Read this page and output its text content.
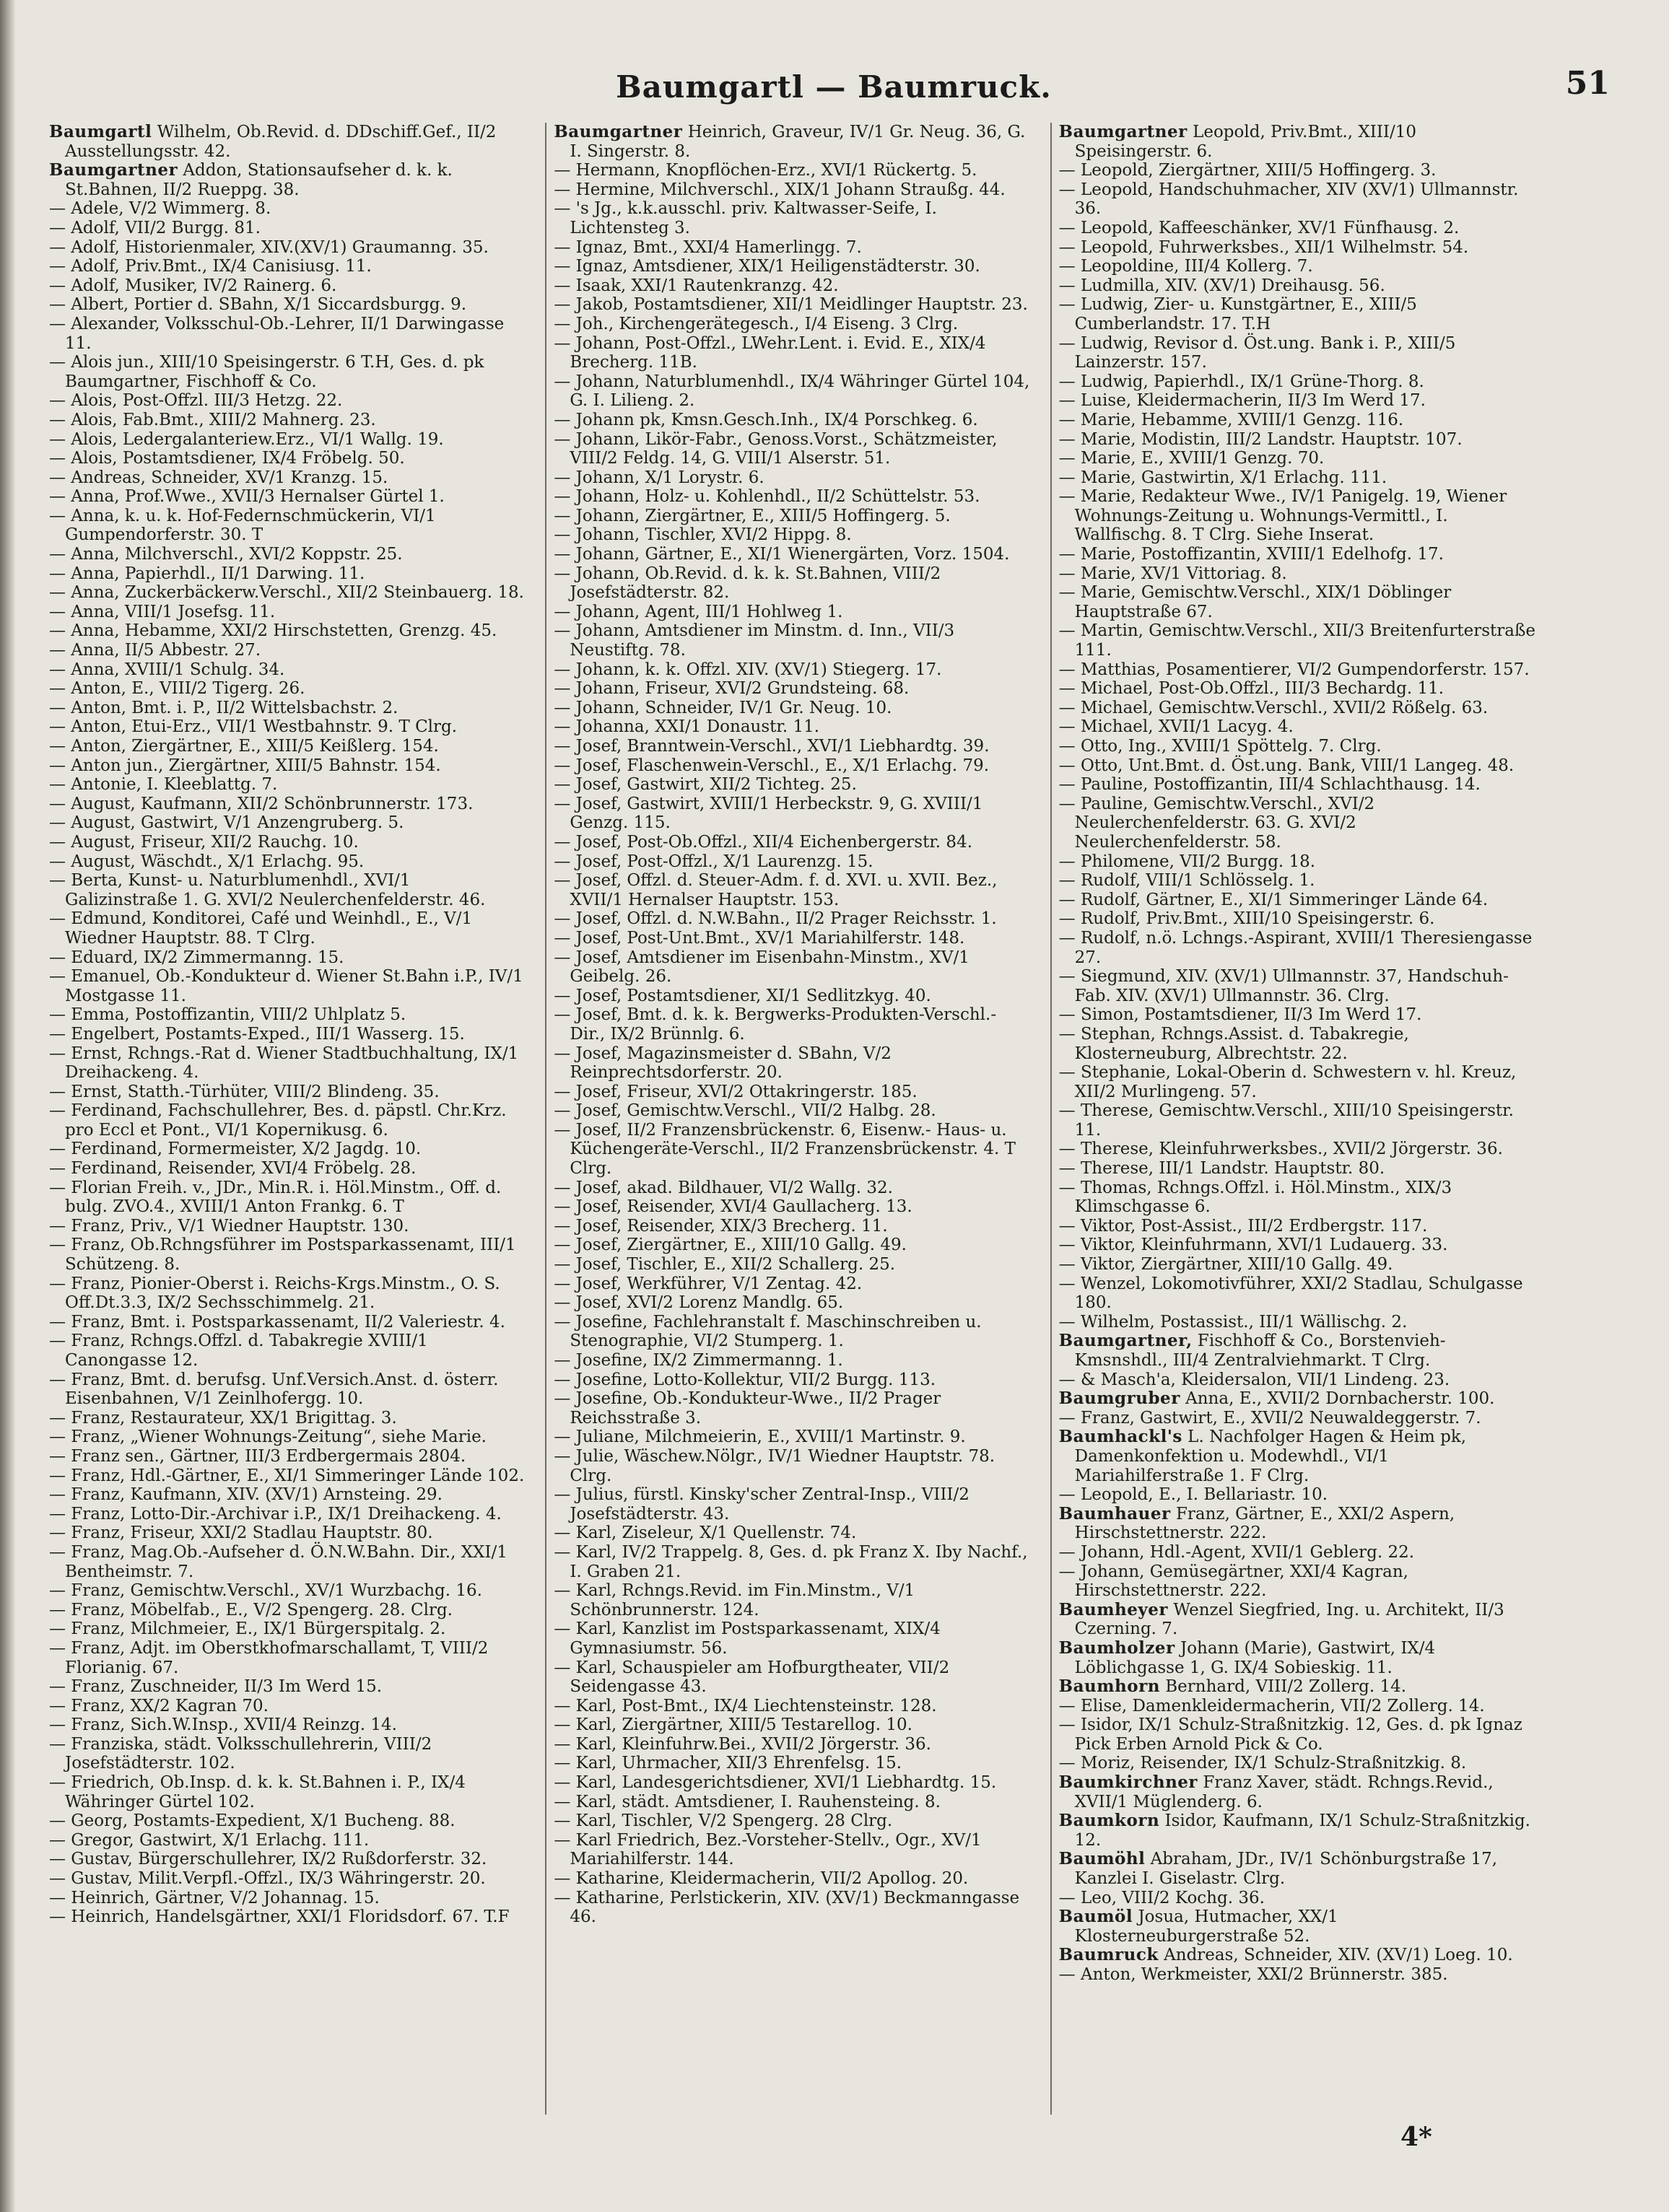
Baumgartl — Baumruck.	51

Baumgartl Wilhelm, Ob.Revid. d. DDschiff.Gef., II/2 Ausstellungsstr. 42.

Baumgartner Addon, Stationsaufseher d. k. k. St.Bahnen, II/2 Rueppg. 38.

— Adele, V/2 Wimmerg. 8.

— Adolf, VII/2 Burgg. 81.

— Adolf, Historienmaler, XIV.(XV/1) Graumanng. 35.

— Adolf, Priv.Bmt., IX/4 Canisiusg. 11.

— Adolf, Musiker, IV/2 Rainerg. 6.

— Albert, Portier d. SBahn, X/1 Siccardsburgg. 9.

— Alexander, Volksschul-Ob.-Lehrer, II/1 Darwingasse 11.

— Alois jun., XIII/10 Speisingerstr. 6 T.H, Ges. d. pk Baumgartner, Fischhoff & Co.

— Alois, Post-Offzl. III/3 Hetzg. 22.

— Alois, Fab.Bmt., XIII/2 Mahnerg. 23.

— Alois, Ledergalanteriew.Erz., VI/1 Wallg. 19.

— Alois, Postamtsdiener, IX/4 Fröbelg. 50.

— Andreas, Schneider, XV/1 Kranzg. 15.

— Anna, Prof.Wwe., XVII/3 Hernalser Gürtel 1.

— Anna, k. u. k. Hof-Federnschmückerin, VI/1 Gumpendorferstr. 30. T

— Anna, Milchverschl., XVI/2 Koppstr. 25.

— Anna, Papierhdl., II/1 Darwing. 11.

— Anna, Zuckerbäckerw.Verschl., XII/2 Steinbauerg. 18.

— Anna, VIII/1 Josefsg. 11.

— Anna, Hebamme, XXI/2 Hirschstetten, Grenzg. 45.

— Anna, II/5 Abbestr. 27.

— Anna, XVIII/1 Schulg. 34.

— Anton, E., VIII/2 Tigerg. 26.

— Anton, Bmt. i. P., II/2 Wittelsbachstr. 2.

— Anton, Etui-Erz., VII/1 Westbahnstr. 9. T Clrg.

— Anton, Ziergärtner, E., XIII/5 Keißlerg. 154.

— Anton jun., Ziergärtner, XIII/5 Bahnstr. 154.

— Antonie, I. Kleeblattg. 7.

— August, Kaufmann, XII/2 Schönbrunnerstr. 173.

— August, Gastwirt, V/1 Anzengruberg. 5.

— August, Friseur, XII/2 Rauchg. 10.

— August, Wäschdt., X/1 Erlachg. 95.

— Berta, Kunst- u. Naturblumenhdl., XVI/1 Galizinstraße 1. G. XVI/2 Neulerchenfelderstr. 46.

— Edmund, Konditorei, Café und Weinhdl., E., V/1 Wiedner Hauptstr. 88. T Clrg.

— Eduard, IX/2 Zimmermanng. 15.

— Emanuel, Ob.-Kondukteur d. Wiener St.Bahn i.P., IV/1 Mostgasse 11.

— Emma, Postoffizantin, VIII/2 Uhlplatz 5.

— Engelbert, Postamts-Exped., III/1 Wasserg. 15.

— Ernst, Rchngs.-Rat d. Wiener Stadtbuchhaltung, IX/1 Dreihackeng. 4.

— Ernst, Statth.-Türhüter, VIII/2 Blindeng. 35.

— Ferdinand, Fachschullehrer, Bes. d. päpstl. Chr.Krz. pro Eccl et Pont., VI/1 Kopernikusg. 6.

— Ferdinand, Formermeister, X/2 Jagdg. 10.

— Ferdinand, Reisender, XVI/4 Fröbelg. 28.

— Florian Freih. v., JDr., Min.R. i. Höl.Minstm., Off. d. bulg. ZVO.4., XVIII/1 Anton Frankg. 6. T

— Franz, Priv., V/1 Wiedner Hauptstr. 130.

— Franz, Ob.Rchngsführer im Postsparkassenamt, III/1 Schützeng. 8.

— Franz, Pionier-Oberst i. Reichs-Krgs.Minstm., O. S. Off.Dt.3.3, IX/2 Sechsschimmelg. 21.

— Franz, Bmt. i. Postsparkassenamt, II/2 Valeriestr. 4.

— Franz, Rchngs.Offzl. d. Tabakregie XVIII/1 Canongasse 12.

— Franz, Bmt. d. berufsg. Unf.Versich.Anst. d. österr. Eisenbahnen, V/1 Zeinlhofergg. 10.

— Franz, Restaurateur, XX/1 Brigittag. 3.

— Franz, „Wiener Wohnungs-Zeitung“, siehe Marie.

— Franz sen., Gärtner, III/3 Erdbergermais 2804.

— Franz, Hdl.-Gärtner, E., XI/1 Simmeringer Lände 102.

— Franz, Kaufmann, XIV. (XV/1) Arnsteing. 29.

— Franz, Lotto-Dir.-Archivar i.P., IX/1 Dreihackeng. 4.

— Franz, Friseur, XXI/2 Stadlau Hauptstr. 80.

— Franz, Mag.Ob.-Aufseher d. Ö.N.W.Bahn. Dir., XXI/1 Bentheimstr. 7.

— Franz, Gemischtw.Verschl., XV/1 Wurzbachg. 16.

— Franz, Möbelfab., E., V/2 Spengerg. 28. Clrg.

— Franz, Milchmeier, E., IX/1 Bürgerspitalg. 2.

— Franz, Adjt. im Oberstkhofmarschallamt, T, VIII/2 Florianig. 67.

— Franz, Zuschneider, II/3 Im Werd 15.

— Franz, XX/2 Kagran 70.

— Franz, Sich.W.Insp., XVII/4 Reinzg. 14.

— Franziska, städt. Volksschullehrerin, VIII/2 Josefstädterstr. 102.

— Friedrich, Ob.Insp. d. k. k. St.Bahnen i. P., IX/4 Währinger Gürtel 102.

— Georg, Postamts-Expedient, X/1 Bucheng. 88.

— Gregor, Gastwirt, X/1 Erlachg. 111.

— Gustav, Bürgerschullehrer, IX/2 Rußdorferstr. 32.

— Gustav, Milit.Verpfl.-Offzl., IX/3 Währingerstr. 20.

— Heinrich, Gärtner, V/2 Johannag. 15.

— Heinrich, Handelsgärtner, XXI/1 Floridsdorf. 67. T.F

Baumgartner Heinrich, Graveur, IV/1 Gr. Neug. 36, G. I. Singerstr. 8.

— Hermann, Knopflöchen-Erz., XVI/1 Rückertg. 5.

— Hermine, Milchverschl., XIX/1 Johann Straußg. 44.

— 's Jg., k.k.ausschl. priv. Kaltwasser-Seife, I. Lichtensteg 3.

— Ignaz, Bmt., XXI/4 Hamerlingg. 7.

— Ignaz, Amtsdiener, XIX/1 Heiligenstädterstr. 30.

— Isaak, XXI/1 Rautenkranzg. 42.

— Jakob, Postamtsdiener, XII/1 Meidlinger Hauptstr. 23.

— Joh., Kirchengerätegesch., I/4 Eiseng. 3 Clrg.

— Johann, Post-Offzl., LWehr.Lent. i. Evid. E., XIX/4 Brecherg. 11B.

— Johann, Naturblumenhdl., IX/4 Währinger Gürtel 104, G. I. Lilieng. 2.

— Johann pk, Kmsn.Gesch.Inh., IX/4 Porschkeg. 6.

— Johann, Likör-Fabr., Genoss.Vorst., Schätzmeister, VIII/2 Feldg. 14, G. VIII/1 Alserstr. 51.

— Johann, X/1 Lorystr. 6.

— Johann, Holz- u. Kohlenhdl., II/2 Schüttelstr. 53.

— Johann, Ziergärtner, E., XIII/5 Hoffingerg. 5.

— Johann, Tischler, XVI/2 Hippg. 8.

— Johann, Gärtner, E., XI/1 Wienergärten, Vorz. 1504.

— Johann, Ob.Revid. d. k. k. St.Bahnen, VIII/2 Josefstädterstr. 82.

— Johann, Agent, III/1 Hohlweg 1.

— Johann, Amtsdiener im Minstm. d. Inn., VII/3 Neustiftg. 78.

— Johann, k. k. Offzl. XIV. (XV/1) Stiegerg. 17.

— Johann, Friseur, XVI/2 Grundsteing. 68.

— Johann, Schneider, IV/1 Gr. Neug. 10.

— Johanna, XXI/1 Donaustr. 11.

— Josef, Branntwein-Verschl., XVI/1 Liebhardtg. 39.

— Josef, Flaschenwein-Verschl., E., X/1 Erlachg. 79.

— Josef, Gastwirt, XII/2 Tichteg. 25.

— Josef, Gastwirt, XVIII/1 Herbeckstr. 9, G. XVIII/1 Genzg. 115.

— Josef, Post-Ob.Offzl., XII/4 Eichenbergerstr. 84.

— Josef, Post-Offzl., X/1 Laurenzg. 15.

— Josef, Offzl. d. Steuer-Adm. f. d. XVI. u. XVII. Bez., XVII/1 Hernalser Hauptstr. 153.

— Josef, Offzl. d. N.W.Bahn., II/2 Prager Reichsstr. 1.

— Josef, Post-Unt.Bmt., XV/1 Mariahilferstr. 148.

— Josef, Amtsdiener im Eisenbahn-Minstm., XV/1 Geibelg. 26.

— Josef, Postamtsdiener, XI/1 Sedlitzkyg. 40.

— Josef, Bmt. d. k. k. Bergwerks-Produkten-Verschl.-Dir., IX/2 Brünnlg. 6.

— Josef, Magazinsmeister d. SBahn, V/2 Reinprechtsdorferstr. 20.

— Josef, Friseur, XVI/2 Ottakringerstr. 185.

— Josef, Gemischtw.Verschl., VII/2 Halbg. 28.

— Josef, II/2 Franzensbrückenstr. 6, Eisenw.- Haus- u. Küchengeräte-Verschl., II/2 Franzensbrückenstr. 4. T Clrg.

— Josef, akad. Bildhauer, VI/2 Wallg. 32.

— Josef, Reisender, XVI/4 Gaullacherg. 13.

— Josef, Reisender, XIX/3 Brecherg. 11.

— Josef, Ziergärtner, E., XIII/10 Gallg. 49.

— Josef, Tischler, E., XII/2 Schallerg. 25.

— Josef, Werkführer, V/1 Zentag. 42.

— Josef, XVI/2 Lorenz Mandlg. 65.

— Josefine, Fachlehranstalt f. Maschinschreiben u. Stenographie, VI/2 Stumperg. 1.

— Josefine, IX/2 Zimmermanng. 1.

— Josefine, Lotto-Kollektur, VII/2 Burgg. 113.

— Josefine, Ob.-Kondukteur-Wwe., II/2 Prager Reichsstraße 3.

— Juliane, Milchmeierin, E., XVIII/1 Martinstr. 9.

— Julie, Wäschew.Nölgr., IV/1 Wiedner Hauptstr. 78. Clrg.

— Julius, fürstl. Kinsky'scher Zentral-Insp., VIII/2 Josefstädterstr. 43.

— Karl, Ziseleur, X/1 Quellenstr. 74.

— Karl, IV/2 Trappelg. 8, Ges. d. pk Franz X. Iby Nachf., I. Graben 21.

— Karl, Rchngs.Revid. im Fin.Minstm., V/1 Schönbrunnerstr. 124.

— Karl, Kanzlist im Postsparkassenamt, XIX/4 Gymnasiumstr. 56.

— Karl, Schauspieler am Hofburgtheater, VII/2 Seidengasse 43.

— Karl, Post-Bmt., IX/4 Liechtensteinstr. 128.

— Karl, Ziergärtner, XIII/5 Testarellog. 10.

— Karl, Kleinfuhrw.Bei., XVII/2 Jörgerstr. 36.

— Karl, Uhrmacher, XII/3 Ehrenfelsg. 15.

— Karl, Landesgerichtsdiener, XVI/1 Liebhardtg. 15.

— Karl, städt. Amtsdiener, I. Rauhensteing. 8.

— Karl, Tischler, V/2 Spengerg. 28 Clrg.

— Karl Friedrich, Bez.-Vorsteher-Stellv., Ogr., XV/1 Mariahilferstr. 144.

— Katharine, Kleidermacherin, VII/2 Apollog. 20.

— Katharine, Perlstickerin, XIV. (XV/1) Beckmanngasse 46.

Baumgartner Leopold, Priv.Bmt., XIII/10 Speisingerstr. 6.

— Leopold, Ziergärtner, XIII/5 Hoffingerg. 3.

— Leopold, Handschuhmacher, XIV (XV/1) Ullmannstr. 36.

— Leopold, Kaffeeschänker, XV/1 Fünfhausg. 2.

— Leopold, Fuhrwerksbes., XII/1 Wilhelmstr. 54.

— Leopoldine, III/4 Kollerg. 7.

— Ludmilla, XIV. (XV/1) Dreihausg. 56.

— Ludwig, Zier- u. Kunstgärtner, E., XIII/5 Cumberlandstr. 17. T.H

— Ludwig, Revisor d. Öst.ung. Bank i. P., XIII/5 Lainzerstr. 157.

— Ludwig, Papierhdl., IX/1 Grüne-Thorg. 8.

— Luise, Kleidermacherin, II/3 Im Werd 17.

— Marie, Hebamme, XVIII/1 Genzg. 116.

— Marie, Modistin, III/2 Landstr. Hauptstr. 107.

— Marie, E., XVIII/1 Genzg. 70.

— Marie, Gastwirtin, X/1 Erlachg. 111.

— Marie, Redakteur Wwe., IV/1 Panigelg. 19, Wiener Wohnungs-Zeitung u. Wohnungs-Vermittl., I. Wallfischg. 8. T Clrg. Siehe Inserat.

— Marie, Postoffizantin, XVIII/1 Edelhofg. 17.

— Marie, XV/1 Vittoriag. 8.

— Marie, Gemischtw.Verschl., XIX/1 Döblinger Hauptstraße 67.

— Martin, Gemischtw.Verschl., XII/3 Breitenfurterstraße 111.

— Matthias, Posamentierer, VI/2 Gumpendorferstr. 157.

— Michael, Post-Ob.Offzl., III/3 Bechardg. 11.

— Michael, Gemischtw.Verschl., XVII/2 Rößelg. 63.

— Michael, XVII/1 Lacyg. 4.

— Otto, Ing., XVIII/1 Spöttelg. 7. Clrg.

— Otto, Unt.Bmt. d. Öst.ung. Bank, VIII/1 Langeg. 48.

— Pauline, Postoffizantin, III/4 Schlachthausg. 14.

— Pauline, Gemischtw.Verschl., XVI/2 Neulerchenfelderstr. 63. G. XVI/2 Neulerchenfelderstr. 58.

— Philomene, VII/2 Burgg. 18.

— Rudolf, VIII/1 Schlösselg. 1.

— Rudolf, Gärtner, E., XI/1 Simmeringer Lände 64.

— Rudolf, Priv.Bmt., XIII/10 Speisingerstr. 6.

— Rudolf, n.ö. Lchngs.-Aspirant, XVIII/1 Theresiengasse 27.

— Siegmund, XIV. (XV/1) Ullmannstr. 37, Handschuh-Fab. XIV. (XV/1) Ullmannstr. 36. Clrg.

— Simon, Postamtsdiener, II/3 Im Werd 17.

— Stephan, Rchngs.Assist. d. Tabakregie, Klosterneuburg, Albrechtstr. 22.

— Stephanie, Lokal-Oberin d. Schwestern v. hl. Kreuz, XII/2 Murlingeng. 57.

— Therese, Gemischtw.Verschl., XIII/10 Speisingerstr. 11.

— Therese, Kleinfuhrwerksbes., XVII/2 Jörgerstr. 36.

— Therese, III/1 Landstr. Hauptstr. 80.

— Thomas, Rchngs.Offzl. i. Höl.Minstm., XIX/3 Klimschgasse 6.

— Viktor, Post-Assist., III/2 Erdbergstr. 117.

— Viktor, Kleinfuhrmann, XVI/1 Ludauerg. 33.

— Viktor, Ziergärtner, XIII/10 Gallg. 49.

— Wenzel, Lokomotivführer, XXI/2 Stadlau, Schulgasse 180.

— Wilhelm, Postassist., III/1 Wällischg. 2.

Baumgartner, Fischhoff & Co., Borstenvieh-Kmsnshdl., III/4 Zentralviehmarkt. T Clrg.

— & Masch'a, Kleidersalon, VII/1 Lindeng. 23.

Baumgruber Anna, E., XVII/2 Dornbacherstr. 100.

— Franz, Gastwirt, E., XVII/2 Neuwaldeggerstr. 7.

Baumhackl's L. Nachfolger Hagen & Heim pk, Damenkonfektion u. Modewhdl., VI/1 Mariahilferstraße 1. F Clrg.

— Leopold, E., I. Bellariastr. 10.

Baumhauer Franz, Gärtner, E., XXI/2 Aspern, Hirschstettnerstr. 222.

— Johann, Hdl.-Agent, XVII/1 Geblerg. 22.

— Johann, Gemüsegärtner, XXI/4 Kagran, Hirschstettnerstr. 222.

Baumheyer Wenzel Siegfried, Ing. u. Architekt, II/3 Czerning. 7.

Baumholzer Johann (Marie), Gastwirt, IX/4 Löblichgasse 1, G. IX/4 Sobieskig. 11.

Baumhorn Bernhard, VIII/2 Zollerg. 14.

— Elise, Damenkleidermacherin, VII/2 Zollerg. 14.

— Isidor, IX/1 Schulz-Straßnitzkig. 12, Ges. d. pk Ignaz Pick Erben Arnold Pick & Co.

— Moriz, Reisender, IX/1 Schulz-Straßnitzkig. 8.

Baumkirchner Franz Xaver, städt. Rchngs.Revid., XVII/1 Müglenderg. 6.

Baumkorn Isidor, Kaufmann, IX/1 Schulz-Straßnitzkig. 12.

Baumöhl Abraham, JDr., IV/1 Schönburgstraße 17, Kanzlei I. Giselastr. Clrg.

— Leo, VIII/2 Kochg. 36.

Baumöl Josua, Hutmacher, XX/1 Klosterneuburgerstraße 52.

Baumruck Andreas, Schneider, XIV. (XV/1) Loeg. 10.

— Anton, Werkmeister, XXI/2 Brünnerstr. 385.

4*
